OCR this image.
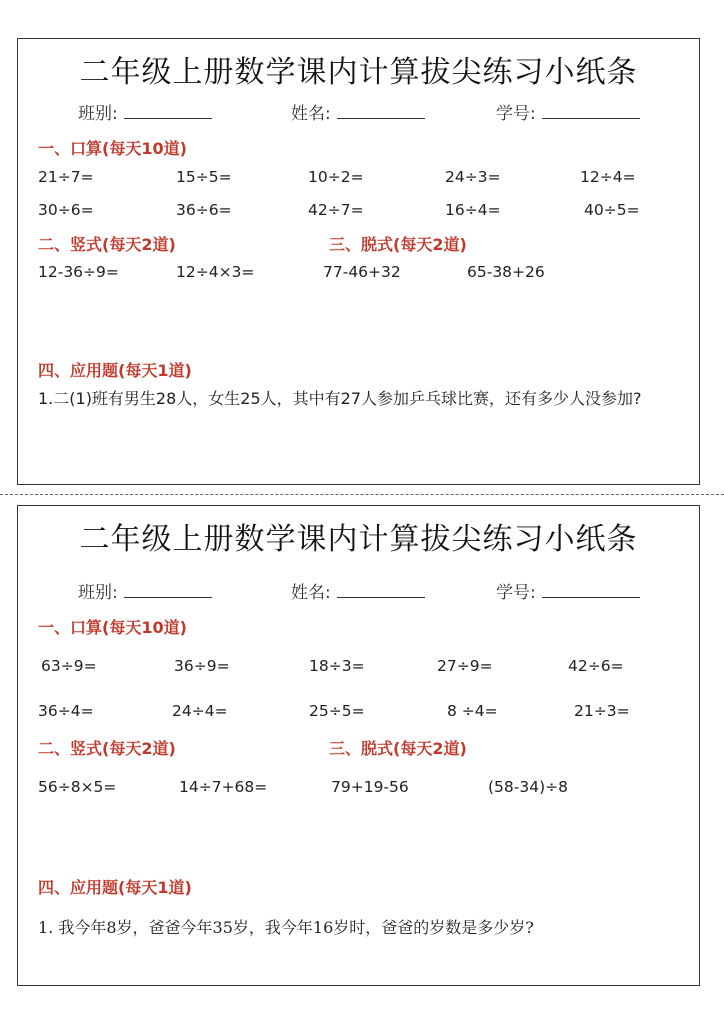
二年级上册数学课内计算拔尖练习小纸条
班别:	姓名:	学号:
一、口算(每天10道)
21÷7=	15÷5=	10÷2=	24÷3=	12÷4=
30÷6=	36÷6=	42÷7=	16÷4=	40÷5=
二、竖式(每天2道)	三、脱式(每天2道)
12-36÷9=	12÷4×3=	77-46+32	65-38+26
四、应用题(每天1道)
1.二(1)班有男生28人，女生25人，其中有27人参加乒乓球比赛，还有多少人没参加?
二年级上册数学课内计算拔尖练习小纸条
班别:	姓名:	学号:
一、口算(每天10道)
63÷9=	36÷9=	18÷3=	27÷9=	42÷6=
36÷4=	24÷4=	25÷5=	8 ÷4=	21÷3=
二、竖式(每天2道)	三、脱式(每天2道)
56÷8×5=	14÷7+68=	79+19-56	(58-34)÷8
四、应用题(每天1道)
1. 我今年8岁，爸爸今年35岁，我今年16岁时，爸爸的岁数是多少岁?
